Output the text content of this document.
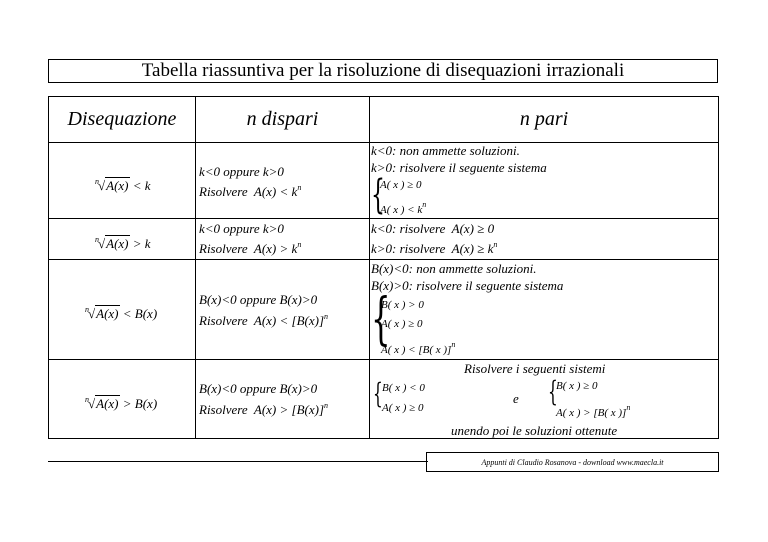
Tabella riassuntiva per la risoluzione di disequazioni irrazionali
Disequazione	n dispari	n pari
$^n$√A(x) < k
k<0 oppure k>0
Risolvere $A(x) < k^n$
k<0: non ammette soluzioni.
k>0: risolvere il seguente sistema
{
A( x ) ≥ 0
A( x ) < $k^n$
$^n$√A(x) > k
k<0 oppure k>0
Risolvere $A(x) > k^n$
k<0: risolvere A(x) ≥ 0
k>0: risolvere $A(x) \ge k^n$
$^n$√A(x) < B(x)
B(x)<0 oppure B(x)>0
Risolvere $A(x) < [B(x)]^n$
B(x)<0: non ammette soluzioni.
B(x)>0: risolvere il seguente sistema
{
B( x ) > 0
A( x ) ≥ 0
A( x ) < [B( x )]$^n$
$^n$√A(x) > B(x)
B(x)<0 oppure B(x)>0
Risolvere $A(x) > [B(x)]^n$
Risolvere i seguenti sistemi
{ B( x ) < 0
A( x ) ≥ 0
e {
B( x ) ≥ 0
A( x ) > [B( x )]$^n$
unendo poi le soluzioni ottenute
Appunti di Claudio Rosanova - download www.maecla.it
